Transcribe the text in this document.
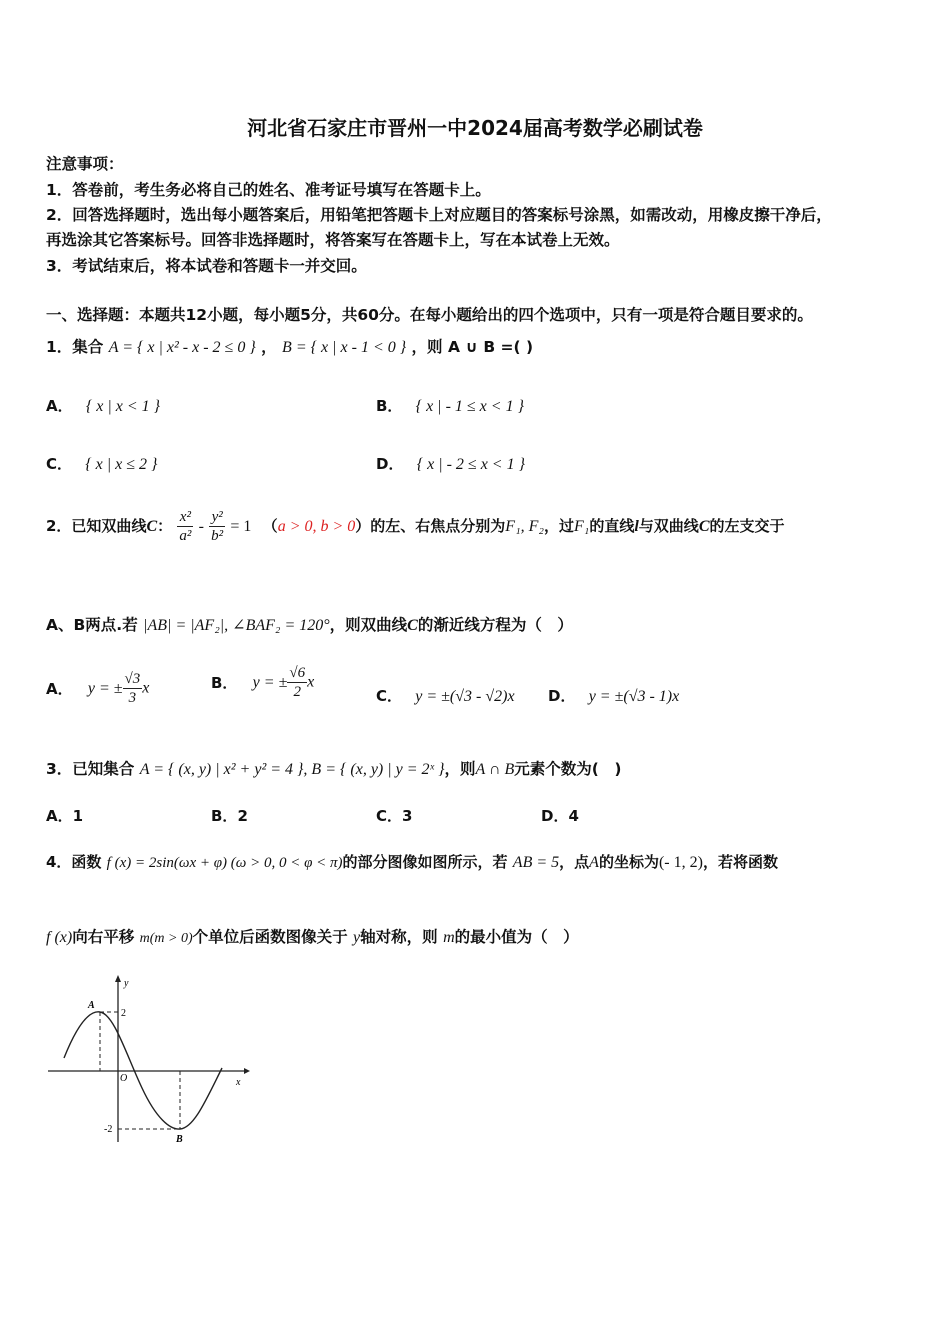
河北省石家庄市晋州一中2024届高考数学必刷试卷
注意事项：
1．答卷前，考生务必将自己的姓名、准考证号填写在答题卡上。
2．回答选择题时，选出每小题答案后，用铅笔把答题卡上对应题目的答案标号涂黑，如需改动，用橡皮擦干净后，
再选涂其它答案标号。回答非选择题时，将答案写在答题卡上，写在本试卷上无效。
3．考试结束后，将本试卷和答题卡一并交回。
一、选择题：本题共12小题，每小题5分，共60分。在每小题给出的四个选项中，只有一项是符合题目要求的。
1．集合 A = { x | x² - x - 2 ≤ 0 } ， B = { x | x - 1 < 0 } ，则 A ∪ B =( )
A． { x | x < 1 }	B． { x | - 1 ≤ x < 1 }
C． { x | x ≤ 2 }	D． { x | - 2 ≤ x < 1 }
2．已知双曲线C： $\frac{\text{x²}}{\text{a²}} - \frac{\text{y²}}{\text{b²}} = 1$ （a > 0, b > 0）的左、右焦点分别为F₁, F₂，过F₁的直线l与双曲线C的左支交于
A、B两点.若 |AB| = |AF₂|, ∠BAF₂ = 120°，则双曲线C的渐近线方程为（　）
A． y = ± $\frac{√3}{3}$ x	B． y = ± $\frac{√6}{2}$ x
C． y = ±(√3 - √2)x D． y = ±(√3 - 1)x
3．已知集合 A = { (x, y) | x² + y² = 4 }, B = { (x, y) | y = 2ˣ }，则A ∩ B元素个数为(　)
A．1	B．2	C．3	D．4
4．函数 f (x) = 2sin(ωx + φ) (ω > 0, 0 < φ < π)的部分图像如图所示，若 AB = 5，点A的坐标为(- 1, 2)，若将函数
f (x)向右平移 m(m > 0)个单位后函数图像关于 y轴对称，则 m的最小值为（　）
y
x
O
A
B
2
-2
